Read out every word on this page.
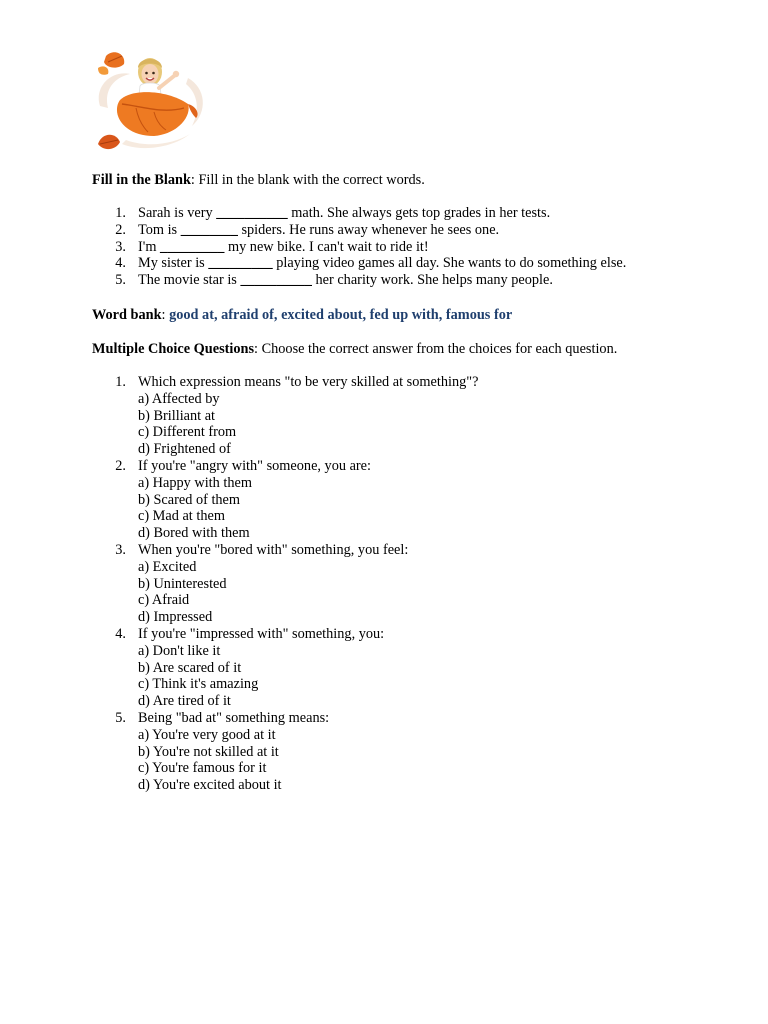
Fill in the Blank: Fill in the blank with the correct words.
1. Sarah is very __________ math. She always gets top grades in her tests.
2. Tom is ________ spiders. He runs away whenever he sees one.
3. I'm _________ my new bike. I can't wait to ride it!
4. My sister is _________ playing video games all day. She wants to do something else.
5. The movie star is __________ her charity work. She helps many people.
Word bank: good at, afraid of, excited about, fed up with, famous for
Multiple Choice Questions: Choose the correct answer from the choices for each question.
1. Which expression means "to be very skilled at something"?
a) Affected by
b) Brilliant at
c) Different from
d) Frightened of
2. If you're "angry with" someone, you are:
a) Happy with them
b) Scared of them
c) Mad at them
d) Bored with them
3. When you're "bored with" something, you feel:
a) Excited
b) Uninterested
c) Afraid
d) Impressed
4. If you're "impressed with" something, you:
a) Don't like it
b) Are scared of it
c) Think it's amazing
d) Are tired of it
5. Being "bad at" something means:
a) You're very good at it
b) You're not skilled at it
c) You're famous for it
d) You're excited about it
